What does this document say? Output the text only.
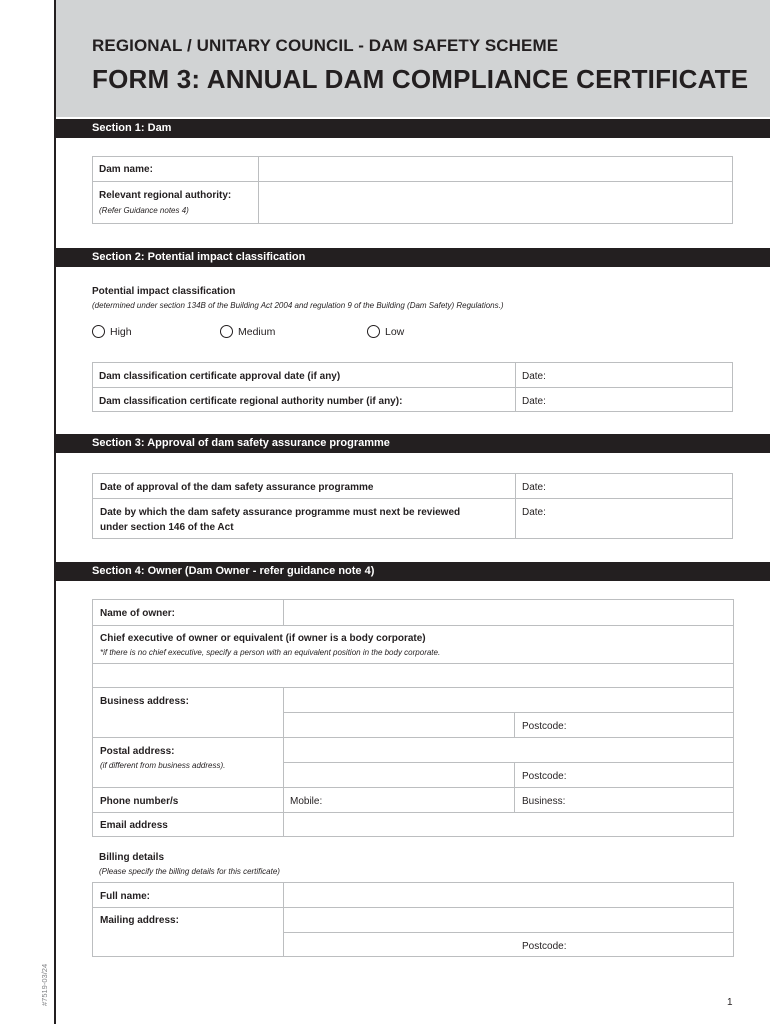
REGIONAL / UNITARY COUNCIL - DAM SAFETY SCHEME
FORM 3: ANNUAL DAM COMPLIANCE CERTIFICATE
Section 1: Dam
Dam name:
Relevant regional authority:
(Refer Guidance notes 4)
Section 2: Potential impact classification
Potential impact classification
(determined under section 134B of the Building Act 2004 and regulation 9 of the Building (Dam Safety) Regulations.)
High	Medium	Low
Dam classification certificate approval date (if any)	Date:
Dam classification certificate regional authority number (if any):	Date:
Section 3: Approval of dam safety assurance programme
Date of approval of the dam safety assurance programme	Date:
Date by which the dam safety assurance programme must next be reviewed
under section 146 of the Act
Date:
Section 4: Owner (Dam Owner - refer guidance note 4)
Name of owner:
Chief executive of owner or equivalent (if owner is a body corporate)
*if there is no chief executive, specify a person with an equivalent position in the body corporate.
Business address:
Postcode:
Postal address:
(if different from business address).
Postcode:
Phone number/s	Mobile:	Business:
Email address
Billing details
(Please specify the billing details for this certificate)
Full name:
Mailing address:
Postcode:
#7519-03/24	1
